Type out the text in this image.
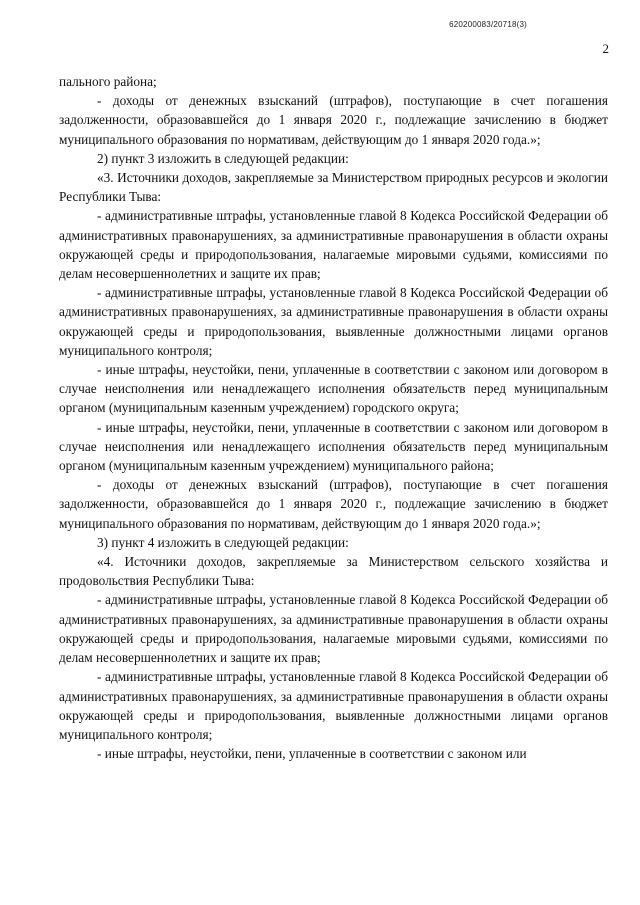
620200083/20718(3)
2

пального района;

- доходы от денежных взысканий (штрафов), поступающие в счет погашения задолженности, образовавшейся до 1 января 2020 г., подлежащие зачислению в бюджет муниципального образования по нормативам, действующим до 1 января 2020 года.»;

2) пункт 3 изложить в следующей редакции:

«3. Источники доходов, закрепляемые за Министерством природных ресурсов и экологии Республики Тыва:

- административные штрафы, установленные главой 8 Кодекса Российской Федерации об административных правонарушениях, за административные правонарушения в области охраны окружающей среды и природопользования, налагаемые мировыми судьями, комиссиями по делам несовершеннолетних и защите их прав;

- административные штрафы, установленные главой 8 Кодекса Российской Федерации об административных правонарушениях, за административные правонарушения в области охраны окружающей среды и природопользования, выявленные должностными лицами органов муниципального контроля;

- иные штрафы, неустойки, пени, уплаченные в соответствии с законом или договором в случае неисполнения или ненадлежащего исполнения обязательств перед муниципальным органом (муниципальным казенным учреждением) городского округа;

- иные штрафы, неустойки, пени, уплаченные в соответствии с законом или договором в случае неисполнения или ненадлежащего исполнения обязательств перед муниципальным органом (муниципальным казенным учреждением) муниципального района;

- доходы от денежных взысканий (штрафов), поступающие в счет погашения задолженности, образовавшейся до 1 января 2020 г., подлежащие зачислению в бюджет муниципального образования по нормативам, действующим до 1 января 2020 года.»;

3) пункт 4 изложить в следующей редакции:

«4. Источники доходов, закрепляемые за Министерством сельского хозяйства и продовольствия Республики Тыва:

- административные штрафы, установленные главой 8 Кодекса Российской Федерации об административных правонарушениях, за административные правонарушения в области охраны окружающей среды и природопользования, налагаемые мировыми судьями, комиссиями по делам несовершеннолетних и защите их прав;

- административные штрафы, установленные главой 8 Кодекса Российской Федерации об административных правонарушениях, за административные правонарушения в области охраны окружающей среды и природопользования, выявленные должностными лицами органов муниципального контроля;

- иные штрафы, неустойки, пени, уплаченные в соответствии с законом или
